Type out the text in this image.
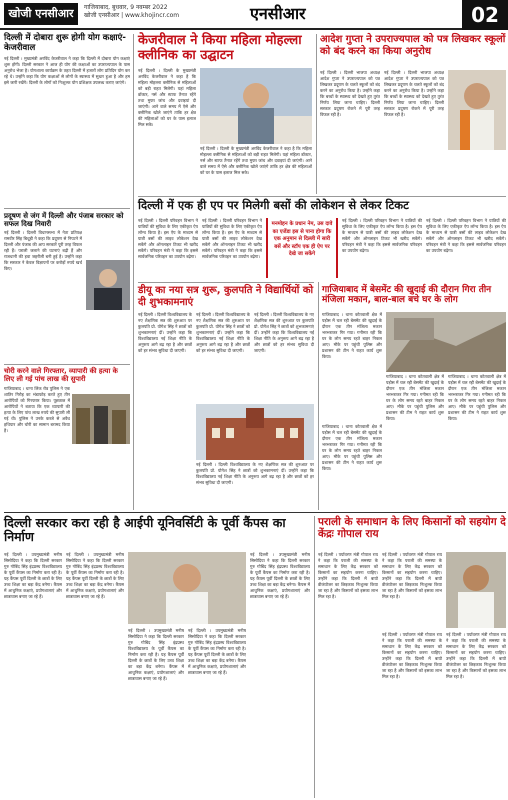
खोजी एनसीआर	गाजियाबाद, बुधवार, 9 नवम्बर 2022
खोजी एनसीआर | www.khojincr.com	एनसीआर	02
दिल्ली में दोबारा शुरू होगी योग कक्षाएं-केजरीवाल
नई दिल्ली । मुख्यमंत्री अरविंद केजरीवाल ने कहा कि दिल्ली में दोबारा योग कक्षाएं शुरू होंगी। दिल्ली सरकार ने आज ही योग की कक्षाओं का उपराज्यपाल के पास अनुरोध भेजा है। योगशाला कार्यक्रम के तहत दिल्ली में हजारों लोग प्रतिदिन योग कर रहे थे। उन्होंने कहा कि योग कक्षाओं से लोगों के स्वास्थ्य में सुधार हुआ है और हम इसे जारी रखेंगे। दिल्ली के लोगों को निःशुल्क योग प्रशिक्षक उपलब्ध कराए जाएंगे।
प्रदूषण से जंग में दिल्ली और पंजाब सरकार को सफल दिख निवारी
नई दिल्ली । दिल्ली विधानसभा में नेता प्रतिपक्ष रामवीर सिंह बिधूड़ी ने कहा कि प्रदूषण से निपटने में दिल्ली और पंजाब की आप सरकारें पूरी तरह विफल रही हैं। पराली जलाने की घटनाएं बढ़ी हैं और राजधानी की हवा जहरीली बनी हुई है। उन्होंने कहा कि सरकार ने केवल विज्ञापनों पर करोड़ों रुपये खर्च किए।
चोरी करने वाले गिरफ्तार, व्यापारी की हत्या के लिए ली गई पांच लाख की सुपारी
गाजियाबाद । थाना लिंक रोड पुलिस ने एक शातिर गिरोह का भंडाफोड़ करते हुए तीन आरोपियों को गिरफ्तार किया। पूछताछ में आरोपियों ने बताया कि एक व्यापारी की हत्या के लिए पांच लाख रुपये की सुपारी ली गई थी। पुलिस ने उनके कब्जे से अवैध हथियार और चोरी का सामान बरामद किया है।
केजरीवाल ने किया महिला मोहल्ला क्लीनिक का उद्घाटन
नई दिल्ली । दिल्ली के मुख्यमंत्री अरविंद केजरीवाल ने कहा है कि महिला मोहल्ला क्लीनिक से महिलाओं को बड़ी राहत मिलेगी। यहां महिला डॉक्टर, नर्स और स्टाफ तैनात रहेंगे तथा मुफ्त जांच और दवाइयां दी जाएंगी। आने वाले समय में ऐसे और क्लीनिक खोले जाएंगे ताकि हर क्षेत्र की महिलाओं को घर के पास इलाज मिल सके।
नई दिल्ली । दिल्ली के मुख्यमंत्री अरविंद केजरीवाल ने कहा है कि महिला मोहल्ला क्लीनिक से महिलाओं को बड़ी राहत मिलेगी। यहां महिला डॉक्टर, नर्स और स्टाफ तैनात रहेंगे तथा मुफ्त जांच और दवाइयां दी जाएंगी। आने वाले समय में ऐसे और क्लीनिक खोले जाएंगे ताकि हर क्षेत्र की महिलाओं को घर के पास इलाज मिल सके।
आदेश गुप्ता ने उपराज्यपाल को पत्र लिखकर स्कूलों को बंद करने का किया अनुरोध
नई दिल्ली । दिल्ली भाजपा अध्यक्ष आदेश गुप्ता ने उपराज्यपाल को पत्र लिखकर प्रदूषण के चलते स्कूलों को बंद करने का अनुरोध किया है। उन्होंने कहा कि बच्चों के स्वास्थ्य को देखते हुए तुरंत निर्णय लिया जाना चाहिए। दिल्ली सरकार प्रदूषण रोकने में पूरी तरह विफल रही है।
नई दिल्ली । दिल्ली भाजपा अध्यक्ष आदेश गुप्ता ने उपराज्यपाल को पत्र लिखकर प्रदूषण के चलते स्कूलों को बंद करने का अनुरोध किया है। उन्होंने कहा कि बच्चों के स्वास्थ्य को देखते हुए तुरंत निर्णय लिया जाना चाहिए। दिल्ली सरकार प्रदूषण रोकने में पूरी तरह विफल रही है।
दिल्ली में एक ही एप पर मिलेगी बसों की लोकेशन से लेकर टिकट
नई दिल्ली । दिल्ली परिवहन विभाग ने यात्रियों की सुविधा के लिए एकीकृत ऐप लॉन्च किया है। इस ऐप के माध्यम से यात्री बसों की लाइव लोकेशन देख सकेंगे और ऑनलाइन टिकट भी खरीद सकेंगे। परिवहन मंत्री ने कहा कि इससे सार्वजनिक परिवहन का उपयोग बढ़ेगा।
नई दिल्ली । दिल्ली परिवहन विभाग ने यात्रियों की सुविधा के लिए एकीकृत ऐप लॉन्च किया है। इस ऐप के माध्यम से यात्री बसों की लाइव लोकेशन देख सकेंगे और ऑनलाइन टिकट भी खरीद सकेंगे। परिवहन मंत्री ने कहा कि इससे सार्वजनिक परिवहन का उपयोग बढ़ेगा।
मनमोहन के प्रधान नेम, उस दावे का एजेंडा इस से पाना होगा कि एक अनुमान से दिल्ली में सारी बसें और स्टॉप एक ही ऐप पर देखे जा सकेंगे
नई दिल्ली । दिल्ली परिवहन विभाग ने यात्रियों की सुविधा के लिए एकीकृत ऐप लॉन्च किया है। इस ऐप के माध्यम से यात्री बसों की लाइव लोकेशन देख सकेंगे और ऑनलाइन टिकट भी खरीद सकेंगे। परिवहन मंत्री ने कहा कि इससे सार्वजनिक परिवहन का उपयोग बढ़ेगा।
नई दिल्ली । दिल्ली परिवहन विभाग ने यात्रियों की सुविधा के लिए एकीकृत ऐप लॉन्च किया है। इस ऐप के माध्यम से यात्री बसों की लाइव लोकेशन देख सकेंगे और ऑनलाइन टिकट भी खरीद सकेंगे। परिवहन मंत्री ने कहा कि इससे सार्वजनिक परिवहन का उपयोग बढ़ेगा।
डीयू का नया सत्र शुरू, कुलपति ने विद्यार्थियों को दी शुभकामनाएं
नई दिल्ली । दिल्ली विश्वविद्यालय के नए शैक्षणिक सत्र की शुरुआत पर कुलपति प्रो. योगेश सिंह ने छात्रों को शुभकामनाएं दीं। उन्होंने कहा कि विश्वविद्यालय नई शिक्षा नीति के अनुरूप आगे बढ़ रहा है और छात्रों को हर संभव सुविधा दी जाएगी।
नई दिल्ली । दिल्ली विश्वविद्यालय के नए शैक्षणिक सत्र की शुरुआत पर कुलपति प्रो. योगेश सिंह ने छात्रों को शुभकामनाएं दीं। उन्होंने कहा कि विश्वविद्यालय नई शिक्षा नीति के अनुरूप आगे बढ़ रहा है और छात्रों को हर संभव सुविधा दी जाएगी।
नई दिल्ली । दिल्ली विश्वविद्यालय के नए शैक्षणिक सत्र की शुरुआत पर कुलपति प्रो. योगेश सिंह ने छात्रों को शुभकामनाएं दीं। उन्होंने कहा कि विश्वविद्यालय नई शिक्षा नीति के अनुरूप आगे बढ़ रहा है और छात्रों को हर संभव सुविधा दी जाएगी।
नई दिल्ली । दिल्ली विश्वविद्यालय के नए शैक्षणिक सत्र की शुरुआत पर कुलपति प्रो. योगेश सिंह ने छात्रों को शुभकामनाएं दीं। उन्होंने कहा कि विश्वविद्यालय नई शिक्षा नीति के अनुरूप आगे बढ़ रहा है और छात्रों को हर संभव सुविधा दी जाएगी।
गाजियाबाद में बेसमेंट की खुदाई की दौरान गिरा तीन मंजिला मकान, बाल-बाल बचे घर के लोग
गाजियाबाद । थाना कोतवाली क्षेत्र में पड़ोस में चल रही बेसमेंट की खुदाई के दौरान एक तीन मंजिला मकान भरभराकर गिर गया। गनीमत रही कि घर के लोग समय रहते बाहर निकल आए। मौके पर पहुंची पुलिस और प्रशासन की टीम ने राहत कार्य शुरू किया।
गाजियाबाद । थाना कोतवाली क्षेत्र में पड़ोस में चल रही बेसमेंट की खुदाई के दौरान एक तीन मंजिला मकान भरभराकर गिर गया। गनीमत रही कि घर के लोग समय रहते बाहर निकल आए। मौके पर पहुंची पुलिस और प्रशासन की टीम ने राहत कार्य शुरू किया।
गाजियाबाद । थाना कोतवाली क्षेत्र में पड़ोस में चल रही बेसमेंट की खुदाई के दौरान एक तीन मंजिला मकान भरभराकर गिर गया। गनीमत रही कि घर के लोग समय रहते बाहर निकल आए। मौके पर पहुंची पुलिस और प्रशासन की टीम ने राहत कार्य शुरू किया।
गाजियाबाद । थाना कोतवाली क्षेत्र में पड़ोस में चल रही बेसमेंट की खुदाई के दौरान एक तीन मंजिला मकान भरभराकर गिर गया। गनीमत रही कि घर के लोग समय रहते बाहर निकल आए। मौके पर पहुंची पुलिस और प्रशासन की टीम ने राहत कार्य शुरू किया।
दिल्ली सरकार करा रही है आईपी यूनिवर्सिटी के पूर्वी कैंपस का निर्माण
नई दिल्ली । उपमुख्यमंत्री मनीष सिसोदिया ने कहा कि दिल्ली सरकार गुरु गोबिंद सिंह इंद्रप्रस्थ विश्वविद्यालय के पूर्वी कैंपस का निर्माण करा रही है। यह कैंपस पूर्वी दिल्ली के छात्रों के लिए उच्च शिक्षा का बड़ा केंद्र बनेगा। कैंपस में आधुनिक कक्षाएं, प्रयोगशालाएं और छात्रावास बनाए जा रहे हैं।
नई दिल्ली । उपमुख्यमंत्री मनीष सिसोदिया ने कहा कि दिल्ली सरकार गुरु गोबिंद सिंह इंद्रप्रस्थ विश्वविद्यालय के पूर्वी कैंपस का निर्माण करा रही है। यह कैंपस पूर्वी दिल्ली के छात्रों के लिए उच्च शिक्षा का बड़ा केंद्र बनेगा। कैंपस में आधुनिक कक्षाएं, प्रयोगशालाएं और छात्रावास बनाए जा रहे हैं।
नई दिल्ली । उपमुख्यमंत्री मनीष सिसोदिया ने कहा कि दिल्ली सरकार गुरु गोबिंद सिंह इंद्रप्रस्थ विश्वविद्यालय के पूर्वी कैंपस का निर्माण करा रही है। यह कैंपस पूर्वी दिल्ली के छात्रों के लिए उच्च शिक्षा का बड़ा केंद्र बनेगा। कैंपस में आधुनिक कक्षाएं, प्रयोगशालाएं और छात्रावास बनाए जा रहे हैं।
नई दिल्ली । उपमुख्यमंत्री मनीष सिसोदिया ने कहा कि दिल्ली सरकार गुरु गोबिंद सिंह इंद्रप्रस्थ विश्वविद्यालय के पूर्वी कैंपस का निर्माण करा रही है। यह कैंपस पूर्वी दिल्ली के छात्रों के लिए उच्च शिक्षा का बड़ा केंद्र बनेगा। कैंपस में आधुनिक कक्षाएं, प्रयोगशालाएं और छात्रावास बनाए जा रहे हैं।
नई दिल्ली । उपमुख्यमंत्री मनीष सिसोदिया ने कहा कि दिल्ली सरकार गुरु गोबिंद सिंह इंद्रप्रस्थ विश्वविद्यालय के पूर्वी कैंपस का निर्माण करा रही है। यह कैंपस पूर्वी दिल्ली के छात्रों के लिए उच्च शिक्षा का बड़ा केंद्र बनेगा। कैंपस में आधुनिक कक्षाएं, प्रयोगशालाएं और छात्रावास बनाए जा रहे हैं।
पराली के समाधान के लिए किसानों को सहयोग दे केंद्रः गोपाल राय
नई दिल्ली । पर्यावरण मंत्री गोपाल राय ने कहा कि पराली की समस्या के समाधान के लिए केंद्र सरकार को किसानों का सहयोग करना चाहिए। उन्होंने कहा कि दिल्ली में बायो डीकंपोजर का छिड़काव निःशुल्क किया जा रहा है और किसानों को इसका लाभ मिल रहा है।
नई दिल्ली । पर्यावरण मंत्री गोपाल राय ने कहा कि पराली की समस्या के समाधान के लिए केंद्र सरकार को किसानों का सहयोग करना चाहिए। उन्होंने कहा कि दिल्ली में बायो डीकंपोजर का छिड़काव निःशुल्क किया जा रहा है और किसानों को इसका लाभ मिल रहा है।
नई दिल्ली । पर्यावरण मंत्री गोपाल राय ने कहा कि पराली की समस्या के समाधान के लिए केंद्र सरकार को किसानों का सहयोग करना चाहिए। उन्होंने कहा कि दिल्ली में बायो डीकंपोजर का छिड़काव निःशुल्क किया जा रहा है और किसानों को इसका लाभ मिल रहा है।
नई दिल्ली । पर्यावरण मंत्री गोपाल राय ने कहा कि पराली की समस्या के समाधान के लिए केंद्र सरकार को किसानों का सहयोग करना चाहिए। उन्होंने कहा कि दिल्ली में बायो डीकंपोजर का छिड़काव निःशुल्क किया जा रहा है और किसानों को इसका लाभ मिल रहा है।
